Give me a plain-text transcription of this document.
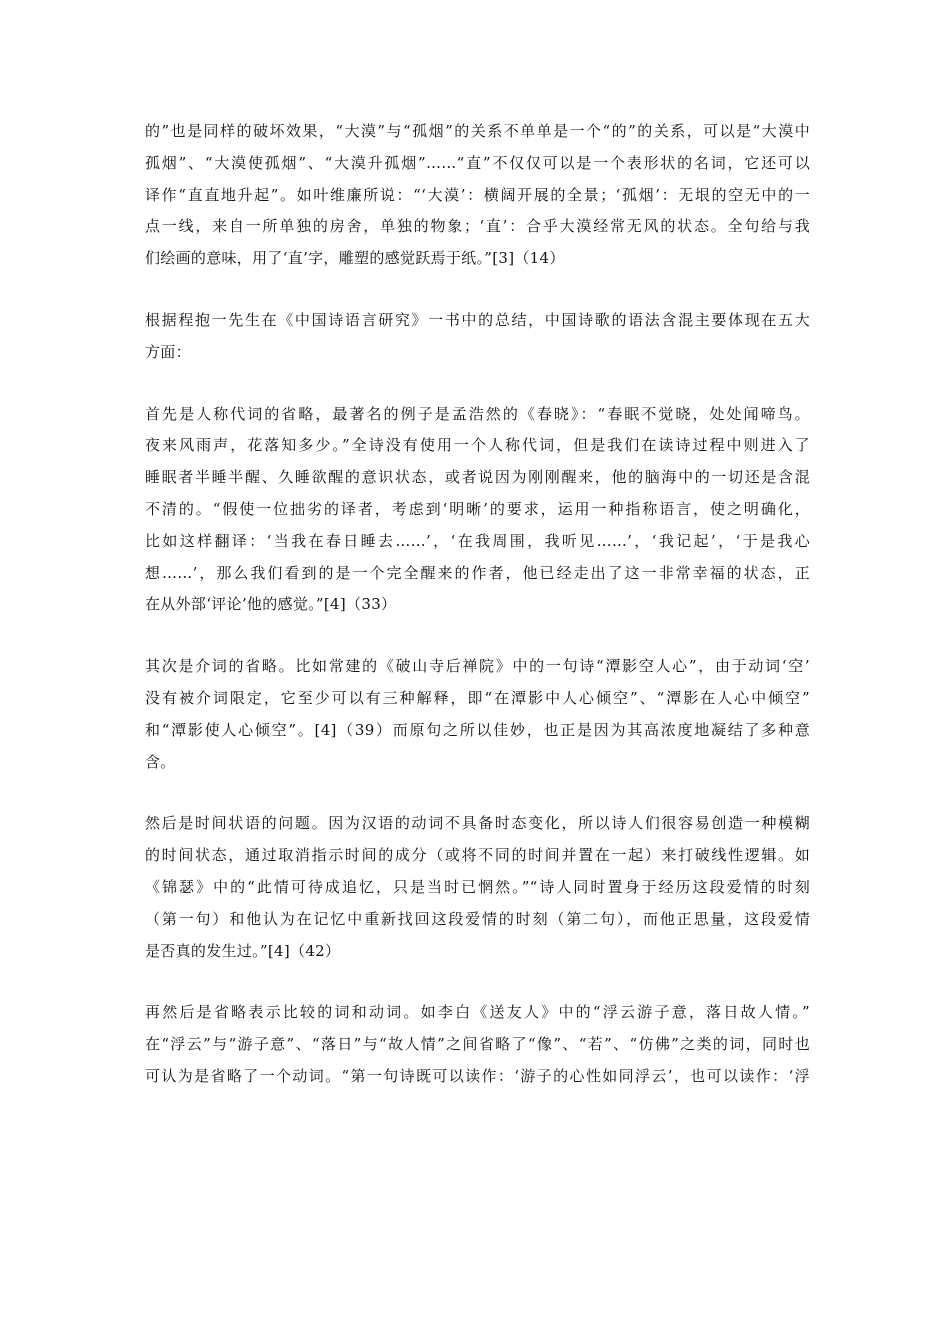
的”也是同样的破坏效果，“大漠”与“孤烟”的关系不单单是一个“的”的关系，可以是“大漠中
孤烟”、“大漠使孤烟”、“大漠升孤烟”……“直”不仅仅可以是一个表形状的名词，它还可以
译作“直直地升起”。如叶维廉所说：“‘大漠’：横阔开展的全景；‘孤烟’：无垠的空无中的一
点一线，来自一所单独的房舍，单独的物象；‘直’：合乎大漠经常无风的状态。全句给与我
们绘画的意味，用了‘直’字，雕塑的感觉跃焉于纸。”[3]（14）
根据程抱一先生在《中国诗语言研究》一书中的总结，中国诗歌的语法含混主要体现在五大
方面：
首先是人称代词的省略，最著名的例子是孟浩然的《春晓》：“春眠不觉晓，处处闻啼鸟。
夜来风雨声，花落知多少。”全诗没有使用一个人称代词，但是我们在读诗过程中则进入了
睡眠者半睡半醒、久睡欲醒的意识状态，或者说因为刚刚醒来，他的脑海中的一切还是含混
不清的。“假使一位拙劣的译者，考虑到‘明晰’的要求，运用一种指称语言，使之明确化，
比如这样翻译：‘当我在春日睡去……’，‘在我周围，我听见……’，‘我记起’，‘于是我心
想……’，那么我们看到的是一个完全醒来的作者，他已经走出了这一非常幸福的状态，正
在从外部‘评论’他的感觉。”[4]（33）
其次是介词的省略。比如常建的《破山寺后禅院》中的一句诗“潭影空人心”，由于动词‘空’
没有被介词限定，它至少可以有三种解释，即“在潭影中人心倾空”、“潭影在人心中倾空”
和“潭影使人心倾空”。[4]（39）而原句之所以佳妙，也正是因为其高浓度地凝结了多种意
含。
然后是时间状语的问题。因为汉语的动词不具备时态变化，所以诗人们很容易创造一种模糊
的时间状态，通过取消指示时间的成分（或将不同的时间并置在一起）来打破线性逻辑。如
《锦瑟》中的“此情可待成追忆，只是当时已惘然。”“诗人同时置身于经历这段爱情的时刻
（第一句）和他认为在记忆中重新找回这段爱情的时刻（第二句），而他正思量，这段爱情
是否真的发生过。”[4]（42）
再然后是省略表示比较的词和动词。如李白《送友人》中的“浮云游子意，落日故人情。”
在“浮云”与“游子意”、“落日”与“故人情”之间省略了“像”、“若”、“仿佛”之类的词，同时也
可认为是省略了一个动词。“第一句诗既可以读作：‘游子的心性如同浮云’，也可以读作：‘浮
